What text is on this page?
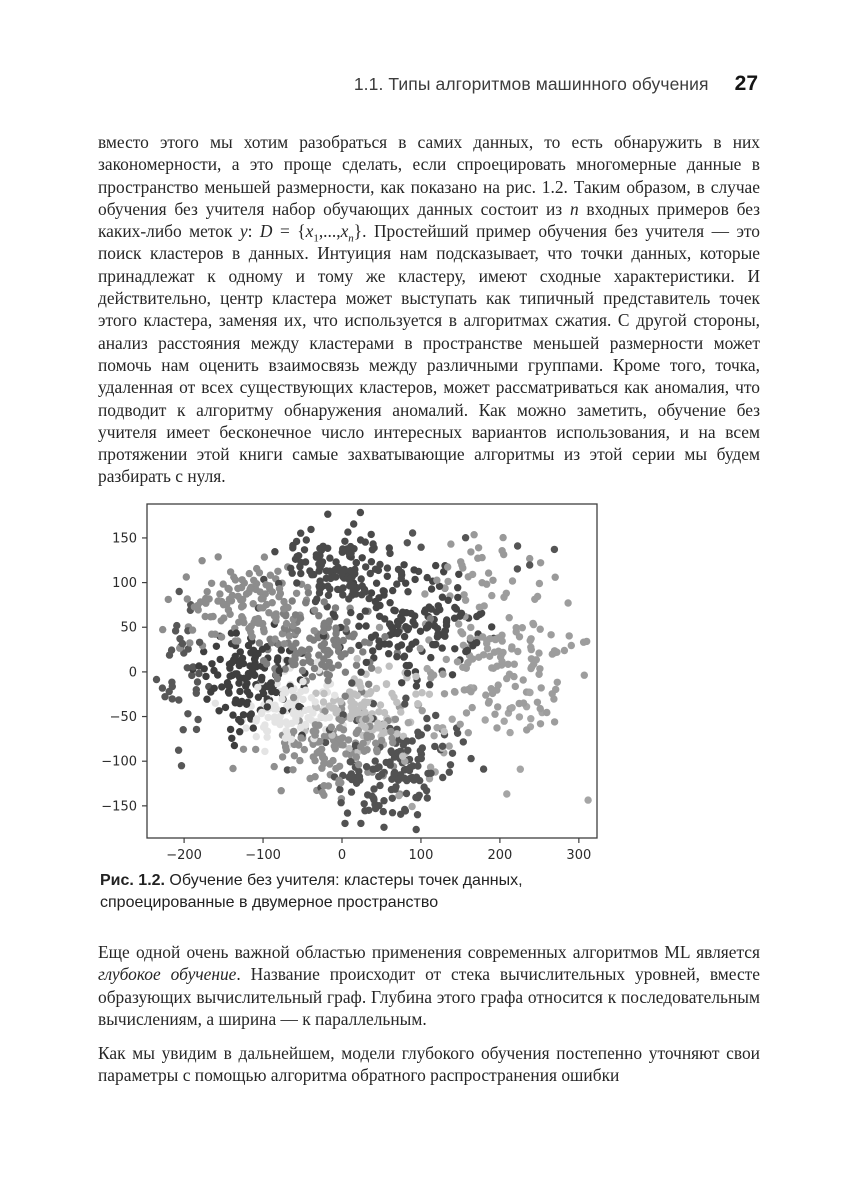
1.1. Типы алгоритмов машинного обучения 27
вместо этого мы хотим разобраться в самих данных, то есть обнаружить в них закономерности, а это проще сделать, если спроецировать многомерные данные в пространство меньшей размерности, как показано на рис. 1.2. Таким образом, в случае обучения без учителя набор обучающих данных состоит из n входных примеров без каких-либо меток y: $D = \{x_1,...,x_n\}$. Простейший пример обучения без учителя — это поиск кластеров в данных. Интуиция нам подсказывает, что точки данных, которые принадлежат к одному и тому же кластеру, имеют сходные характеристики. И действительно, центр кластера может выступать как типичный представитель точек этого кластера, заменяя их, что используется в алгоритмах сжатия. С другой стороны, анализ расстояния между кластерами в пространстве меньшей размерности может помочь нам оценить взаимосвязь между различными группами. Кроме того, точка, удаленная от всех существующих кластеров, может рассматриваться как аномалия, что подводит к алгоритму обнаружения аномалий. Как можно заметить, обучение без учителя имеет бесконечное число интересных вариантов использования, и на всем протяжении этой книги самые захватывающие алгоритмы из этой серии мы будем разбирать с нуля.
−200	−100	0	100	200	300
−150
−100
−50
0
50
100
150
Рис. 1.2. Обучение без учителя: кластеры точек данных, спроецированные в двумерное пространство
Еще одной очень важной областью применения современных алгоритмов ML является глубокое обучение. Название происходит от стека вычислительных уровней, вместе образующих вычислительный граф. Глубина этого графа относится к последовательным вычислениям, а ширина — к параллельным.
Как мы увидим в дальнейшем, модели глубокого обучения постепенно уточняют свои параметры с помощью алгоритма обратного распространения ошибки
